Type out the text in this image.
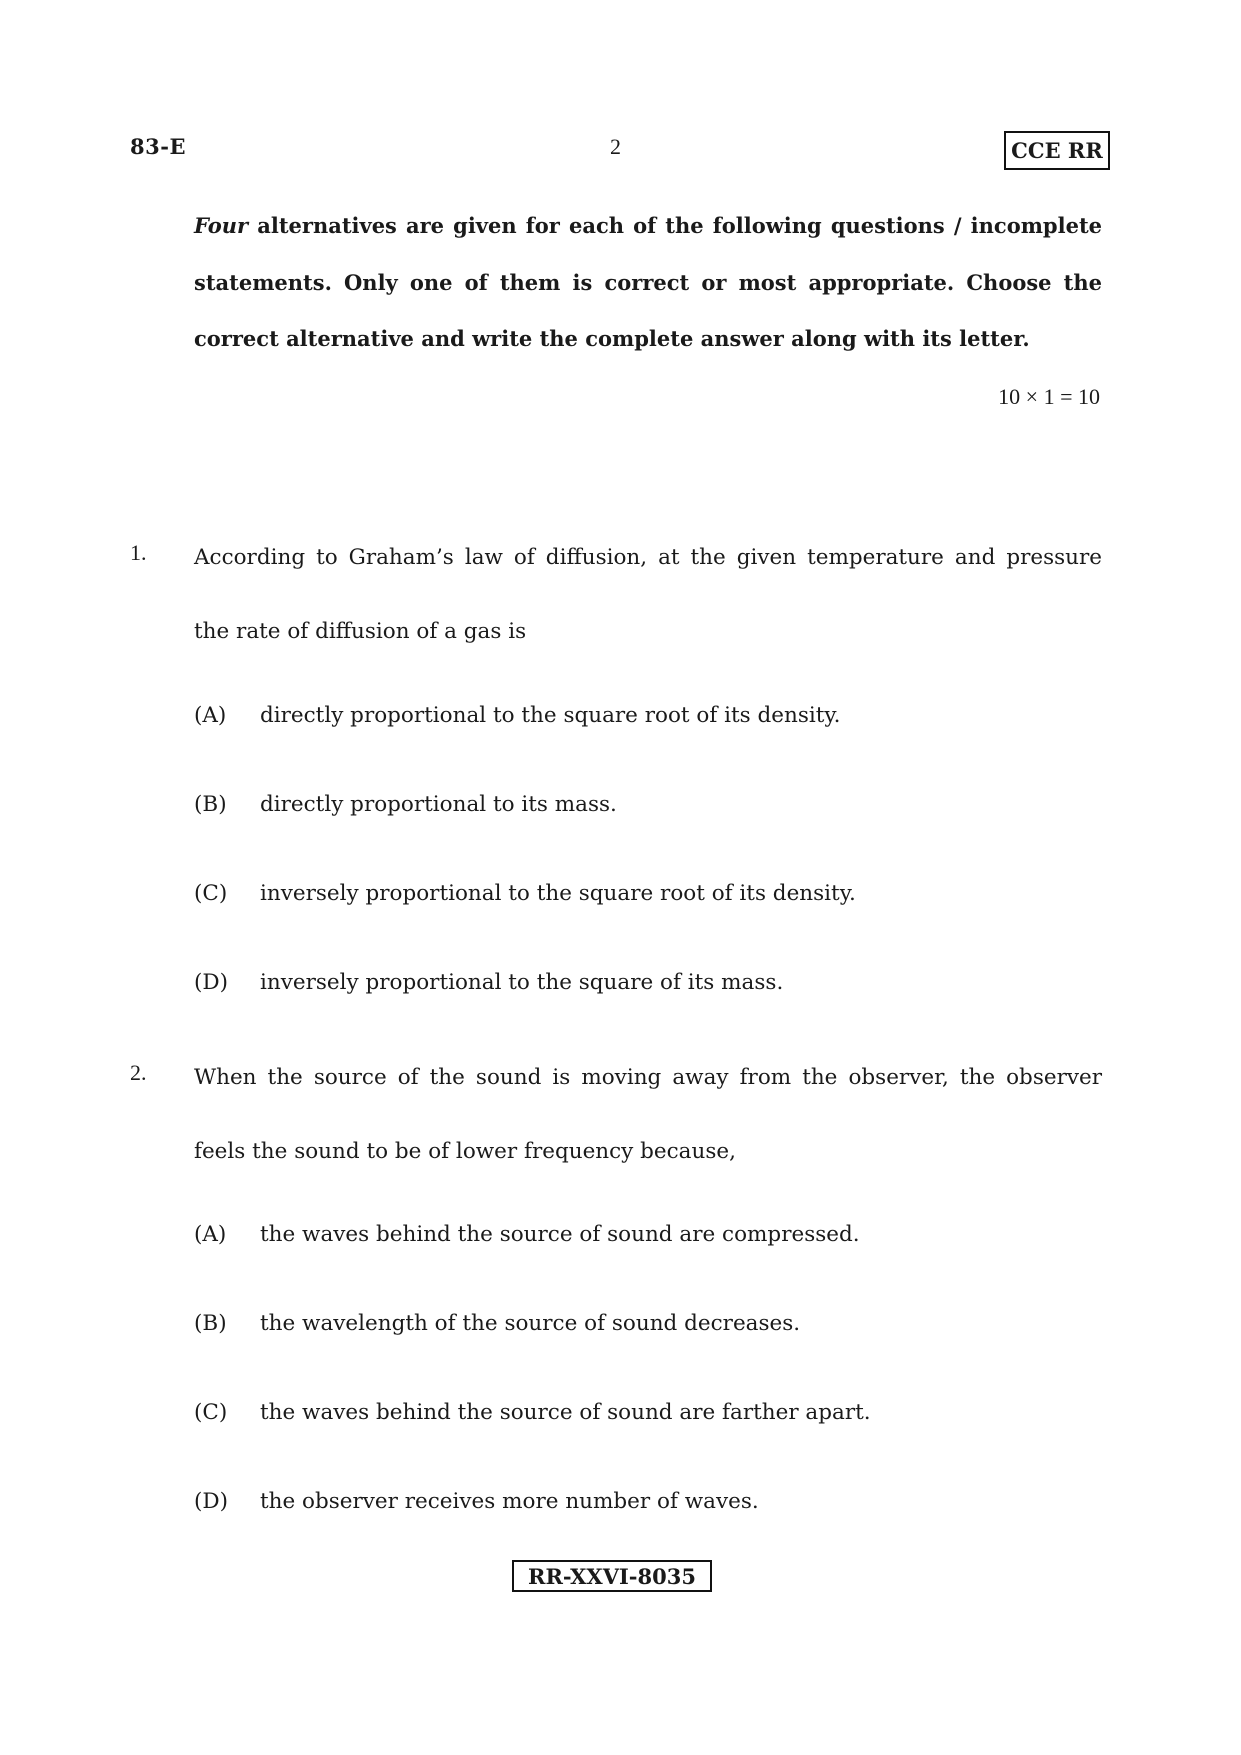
83-E	2	CCE RR
Four alternatives are given for each of the following questions / incomplete
statements. Only one of them is correct or most appropriate. Choose the
correct alternative and write the complete answer along with its letter.
10 × 1 = 10
1. According to Graham’s law of diffusion, at the given temperature and pressure
the rate of diffusion of a gas is
(A) directly proportional to the square root of its density.
(B) directly proportional to its mass.
(C) inversely proportional to the square root of its density.
(D) inversely proportional to the square of its mass.
2. When the source of the sound is moving away from the observer, the observer
feels the sound to be of lower frequency because,
(A) the waves behind the source of sound are compressed.
(B) the wavelength of the source of sound decreases.
(C) the waves behind the source of sound are farther apart.
(D) the observer receives more number of waves.
RR-XXVI-8035
